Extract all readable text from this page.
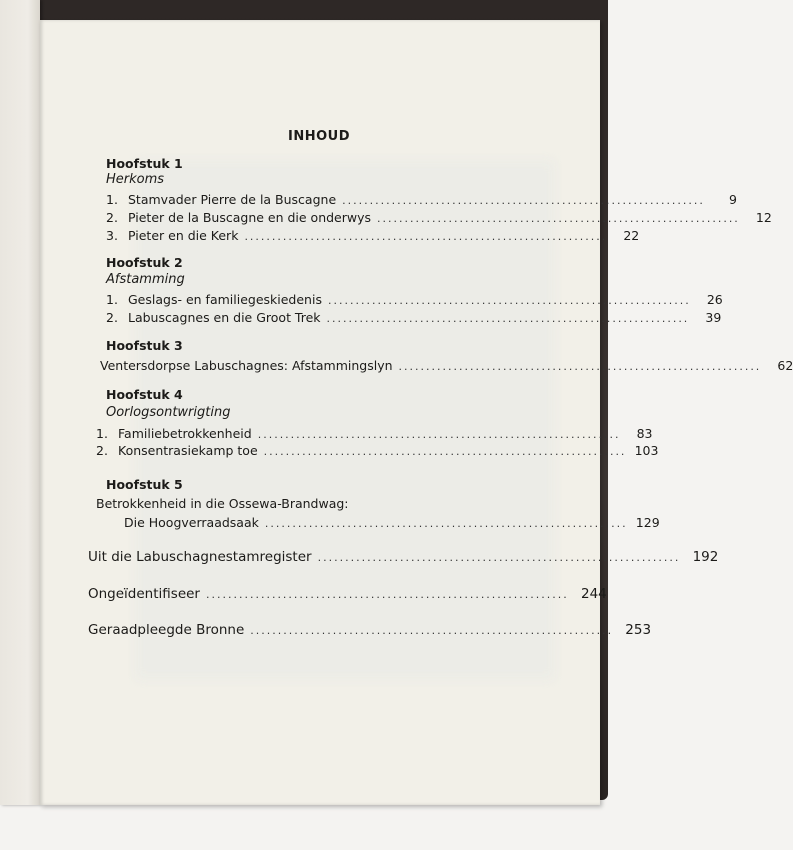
INHOUD
Hoofstuk 1
Herkoms
1. Stamvader Pierre de la Buscagne ..................................................................	9
2. Pieter de la Buscagne en die onderwys ..................................................................	12
3. Pieter en die Kerk ..................................................................	22
Hoofstuk 2
Afstamming
1. Geslags- en familiegeskiedenis ..................................................................	26
2. Labuscagnes en die Groot Trek ..................................................................	39
Hoofstuk 3
Ventersdorpse Labuschagnes: Afstammingslyn ..................................................................	62
Hoofstuk 4
Oorlogsontwrigting
1. Familiebetrokkenheid ..................................................................	83
2. Konsentrasiekamp toe .................................................................. 103
Hoofstuk 5
Betrokkenheid in die Ossewa-Brandwag:
Die Hoogverraadsaak .................................................................. 129
Uit die Labuschagnestamregister .................................................................. 192
Ongeïdentifiseer .................................................................. 244
Geraadpleegde Bronne .................................................................. 253
